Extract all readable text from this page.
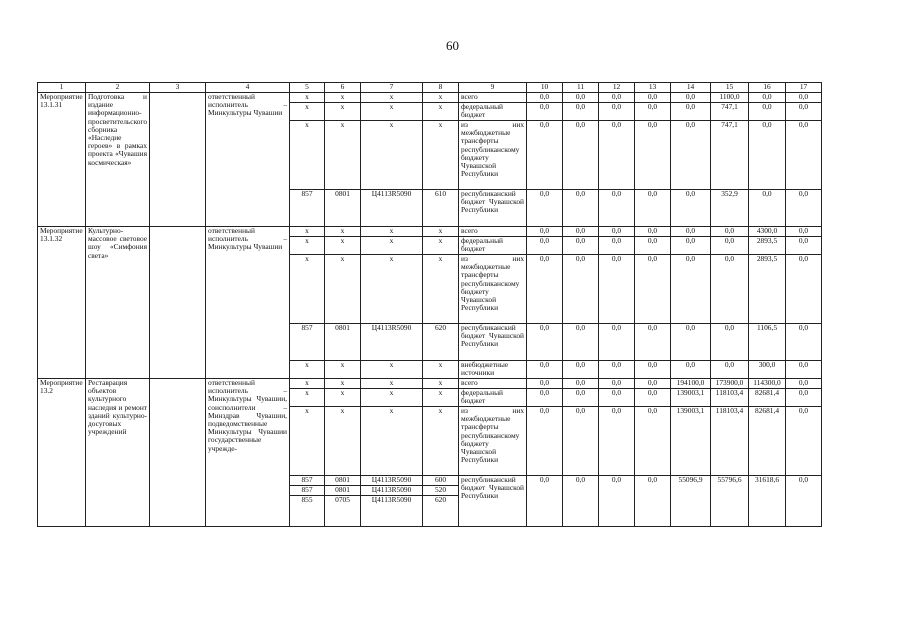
60
1	2	3	4	5	6	7	8	9	10	11	12	13	14	15	16	17
Мероприятие 13.1.31	Подготовка и издание информационно-просветительского сборника «Наследие героев» в рамках проекта «Чувашия космическая»		ответственный исполнитель – Минкультуры Чувашии	х	х	х	х	всего	0,0	0,0	0,0	0,0	0,0	1100,0	0,0	0,0
				х	х	х	х	федеральный бюджет	0,0	0,0	0,0	0,0	0,0	747,1	0,0	0,0
				х	х	х	х	из них межбюджетные трансферты республиканскому бюджету Чувашской Республики	0,0	0,0	0,0	0,0	0,0	747,1	0,0	0,0
				857	0801	Ц4113R5090	610	республиканский бюджет Чувашской Республики	0,0	0,0	0,0	0,0	0,0	352,9	0,0	0,0
Мероприятие 13.1.32	Культурно-массовое световое шоу «Симфония света»		ответственный исполнитель – Минкультуры Чувашии	х	х	х	х	всего	0,0	0,0	0,0	0,0	0,0	0,0	4300,0	0,0
				х	х	х	х	федеральный бюджет	0,0	0,0	0,0	0,0	0,0	0,0	2893,5	0,0
				х	х	х	х	из них межбюджетные трансферты республиканскому бюджету Чувашской Республики	0,0	0,0	0,0	0,0	0,0	0,0	2893,5	0,0
				857	0801	Ц4113R5090	620	республиканский бюджет Чувашской Республики	0,0	0,0	0,0	0,0	0,0	0,0	1106,5	0,0
				х	х	х	х	внебюджетные источники	0,0	0,0	0,0	0,0	0,0	0,0	300,0	0,0
Мероприятие 13.2	Реставрация объектов культурного наследия и ремонт зданий культурно-досуговых учреждений		ответственный исполнитель – Минкультуры Чувашии, соисполнители – Минздрав Чувашии, подведомственные Минкультуры Чувашии государственные учрежде-	х	х	х	х	всего	0,0	0,0	0,0	0,0	194100,0	173900,0	114300,0	0,0
				х	х	х	х	федеральный бюджет	0,0	0,0	0,0	0,0	139003,1	118103,4	82681,4	0,0
				х	х	х	х	из них межбюджетные трансферты республиканскому бюджету Чувашской Республики	0,0	0,0	0,0	0,0	139003,1	118103,4	82681,4	0,0
				857	0801	Ц4113R5090	600	республиканский бюджет Чувашской Республики	0,0	0,0	0,0	0,0	55096,9	55796,6	31618,6	0,0
				857	0801	Ц4113R5090	520									
				855	0705	Ц4113R5090	620									
